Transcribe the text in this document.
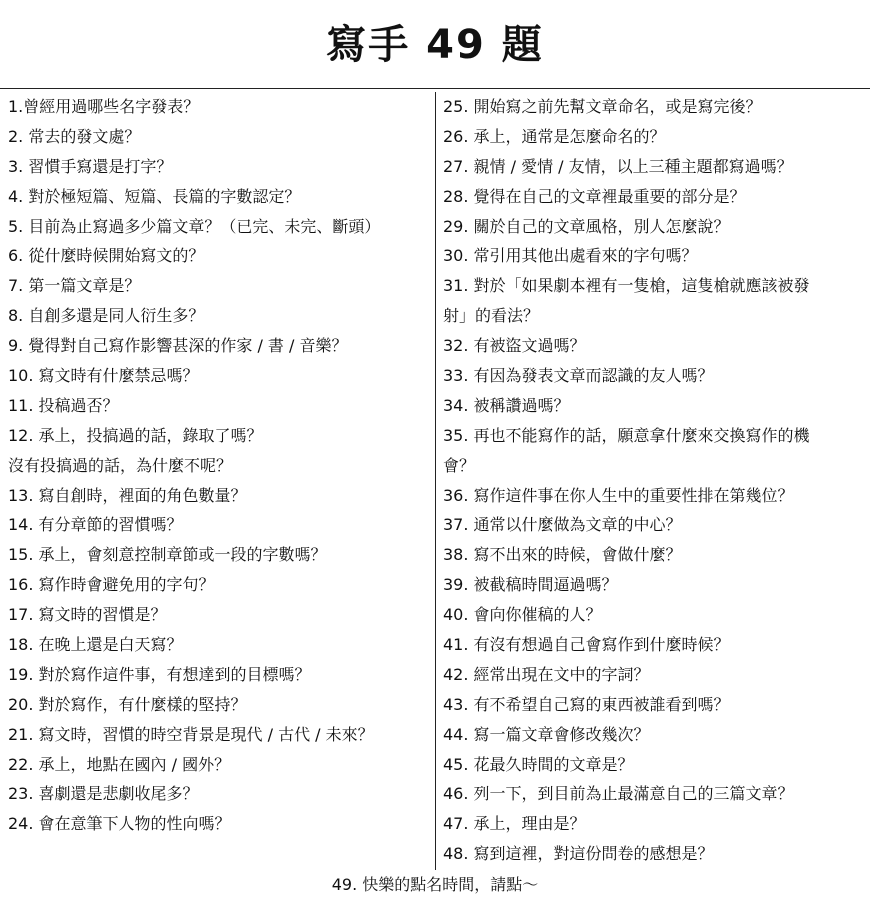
寫手 49 題
1.曾經用過哪些名字發表？
2. 常去的發文處？
3. 習慣手寫還是打字？
4. 對於極短篇、短篇、長篇的字數認定？
5. 目前為止寫過多少篇文章？（已完、未完、斷頭）
6. 從什麼時候開始寫文的？
7. 第一篇文章是？
8. 自創多還是同人衍生多？
9. 覺得對自己寫作影響甚深的作家 / 書 / 音樂？
10. 寫文時有什麼禁忌嗎？
11. 投稿過否？
12. 承上，投搞過的話，錄取了嗎？
沒有投搞過的話，為什麼不呢？
13. 寫自創時，裡面的角色數量？
14. 有分章節的習慣嗎？
15. 承上，會刻意控制章節或一段的字數嗎？
16. 寫作時會避免用的字句？
17. 寫文時的習慣是？
18. 在晚上還是白天寫？
19. 對於寫作這件事，有想達到的目標嗎？
20. 對於寫作，有什麼樣的堅持？
21. 寫文時，習慣的時空背景是現代 / 古代 / 未來？
22. 承上，地點在國內 / 國外？
23. 喜劇還是悲劇收尾多？
24. 會在意筆下人物的性向嗎？
25. 開始寫之前先幫文章命名，或是寫完後？
26. 承上，通常是怎麼命名的？
27. 親情 / 愛情 / 友情，以上三種主題都寫過嗎？
28. 覺得在自己的文章裡最重要的部分是？
29. 關於自己的文章風格，別人怎麼說？
30. 常引用其他出處看來的字句嗎？
31. 對於「如果劇本裡有一隻槍，這隻槍就應該被發
射」的看法？
32. 有被盜文過嗎？
33. 有因為發表文章而認識的友人嗎？
34. 被稱讚過嗎？
35. 再也不能寫作的話，願意拿什麼來交換寫作的機
會？
36. 寫作這件事在你人生中的重要性排在第幾位？
37. 通常以什麼做為文章的中心？
38. 寫不出來的時候，會做什麼？
39. 被截稿時間逼過嗎？
40. 會向你催稿的人？
41. 有沒有想過自己會寫作到什麼時候？
42. 經常出現在文中的字詞？
43. 有不希望自己寫的東西被誰看到嗎？
44. 寫一篇文章會修改幾次？
45. 花最久時間的文章是？
46. 列一下，到目前為止最滿意自己的三篇文章？
47. 承上，理由是？
48. 寫到這裡，對這份問卷的感想是？
49. 快樂的點名時間，請點～
